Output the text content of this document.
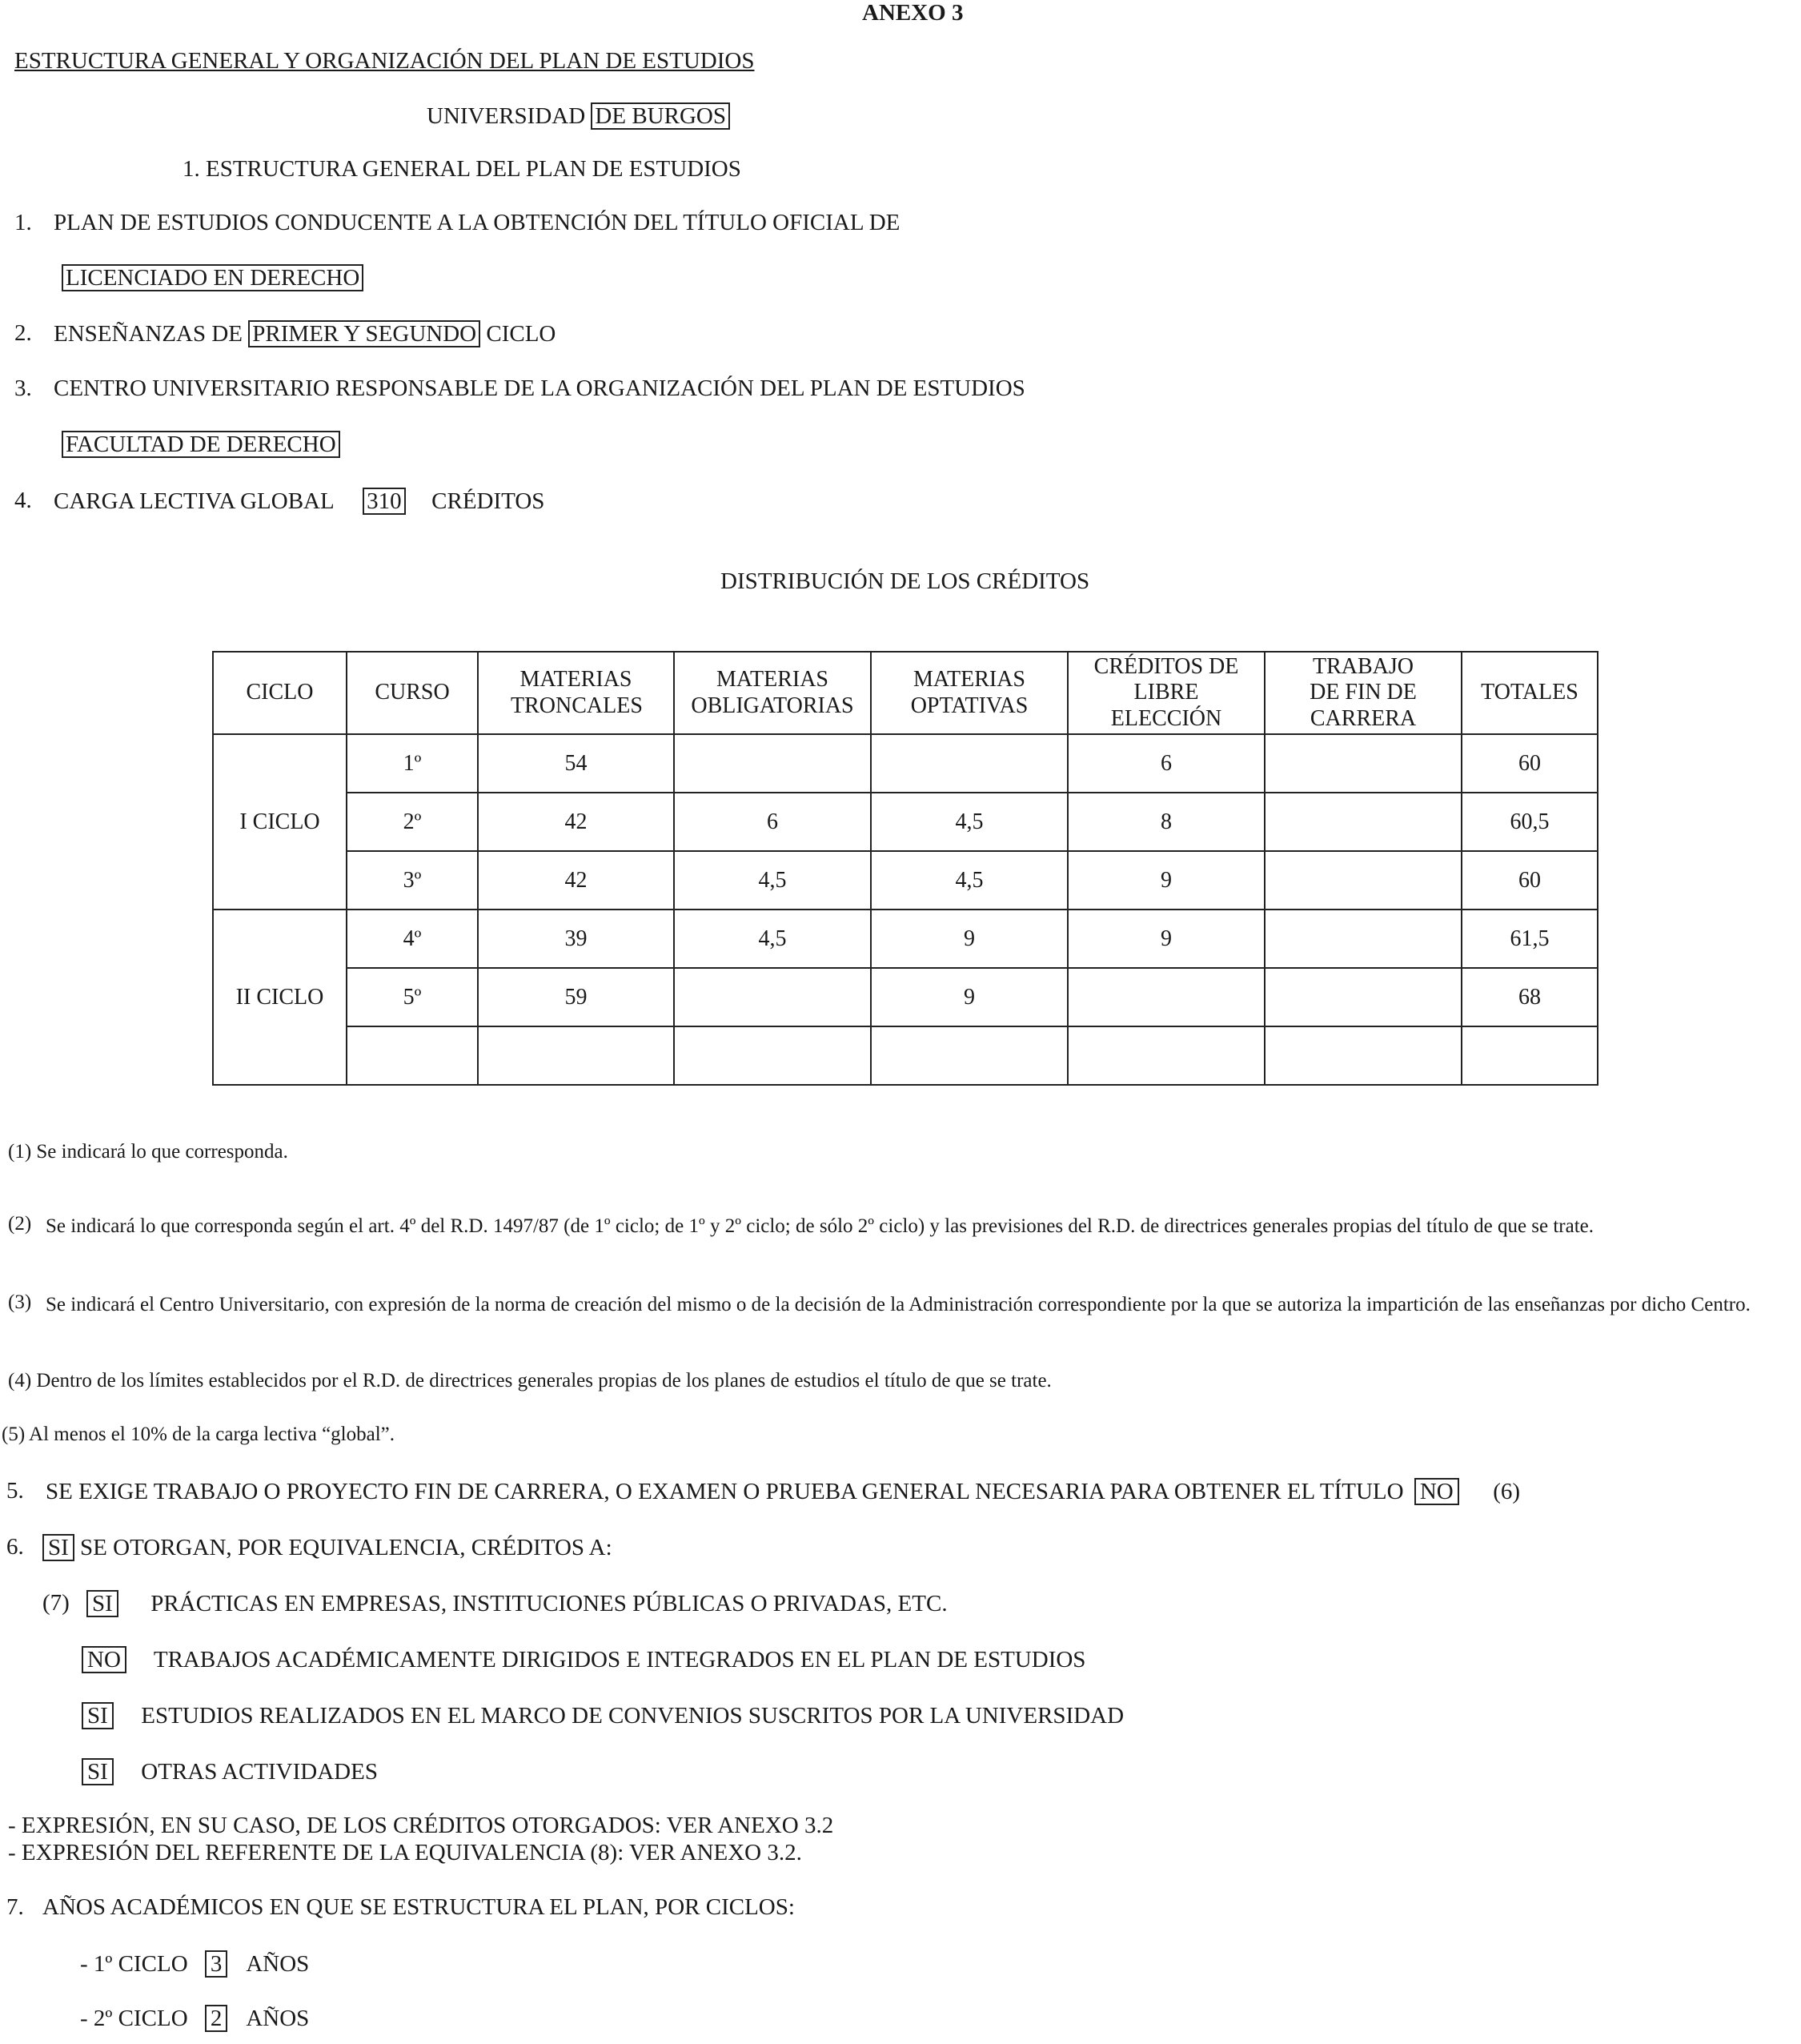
ANEXO 3
ESTRUCTURA GENERAL Y ORGANIZACIÓN DEL PLAN DE ESTUDIOS
UNIVERSIDAD DE BURGOS
1. ESTRUCTURA GENERAL DEL PLAN DE ESTUDIOS
1. PLAN DE ESTUDIOS CONDUCENTE A LA OBTENCIÓN DEL TÍTULO OFICIAL DE
LICENCIADO EN DERECHO
2. ENSEÑANZAS DE PRIMER Y SEGUNDO CICLO
3. CENTRO UNIVERSITARIO RESPONSABLE DE LA ORGANIZACIÓN DEL PLAN DE ESTUDIOS
FACULTAD DE DERECHO
4. CARGA LECTIVA GLOBAL 310 CRÉDITOS
DISTRIBUCIÓN DE LOS CRÉDITOS
CICLO	CURSO	MATERIAS TRONCALES	MATERIAS OBLIGATORIAS	MATERIAS OPTATIVAS	CRÉDITOS DE LIBRE ELECCIÓN	TRABAJO DE FIN DE CARRERA	TOTALES
I CICLO	1º	54			6		60
	2º	42	6	4,5	8		60,5
	3º	42	4,5	4,5	9		60
II CICLO	4º	39	4,5	9	9		61,5
	5º	59		9			68

(1) Se indicará lo que corresponda.
(2) Se indicará lo que corresponda según el art. 4º del R.D. 1497/87 (de 1º ciclo; de 1º y 2º ciclo; de sólo 2º ciclo) y las previsiones del R.D. de directrices generales propias del título de que se trate.
(3) Se indicará el Centro Universitario, con expresión de la norma de creación del mismo o de la decisión de la Administración correspondiente por la que se autoriza la impartición de las enseñanzas por dicho Centro.
(4) Dentro de los límites establecidos por el R.D. de directrices generales propias de los planes de estudios el título de que se trate.
(5) Al menos el 10% de la carga lectiva “global”.
5. SE EXIGE TRABAJO O PROYECTO FIN DE CARRERA, O EXAMEN O PRUEBA GENERAL NECESARIA PARA OBTENER EL TÍTULO NO (6)
6. SI SE OTORGAN, POR EQUIVALENCIA, CRÉDITOS A:
(7) SI PRÁCTICAS EN EMPRESAS, INSTITUCIONES PÚBLICAS O PRIVADAS, ETC.
NO TRABAJOS ACADÉMICAMENTE DIRIGIDOS E INTEGRADOS EN EL PLAN DE ESTUDIOS
SI ESTUDIOS REALIZADOS EN EL MARCO DE CONVENIOS SUSCRITOS POR LA UNIVERSIDAD
SI OTRAS ACTIVIDADES
- EXPRESIÓN, EN SU CASO, DE LOS CRÉDITOS OTORGADOS: VER ANEXO 3.2
- EXPRESIÓN DEL REFERENTE DE LA EQUIVALENCIA (8): VER ANEXO 3.2.
7. AÑOS ACADÉMICOS EN QUE SE ESTRUCTURA EL PLAN, POR CICLOS:
- 1º CICLO 3 AÑOS
- 2º CICLO 2 AÑOS
